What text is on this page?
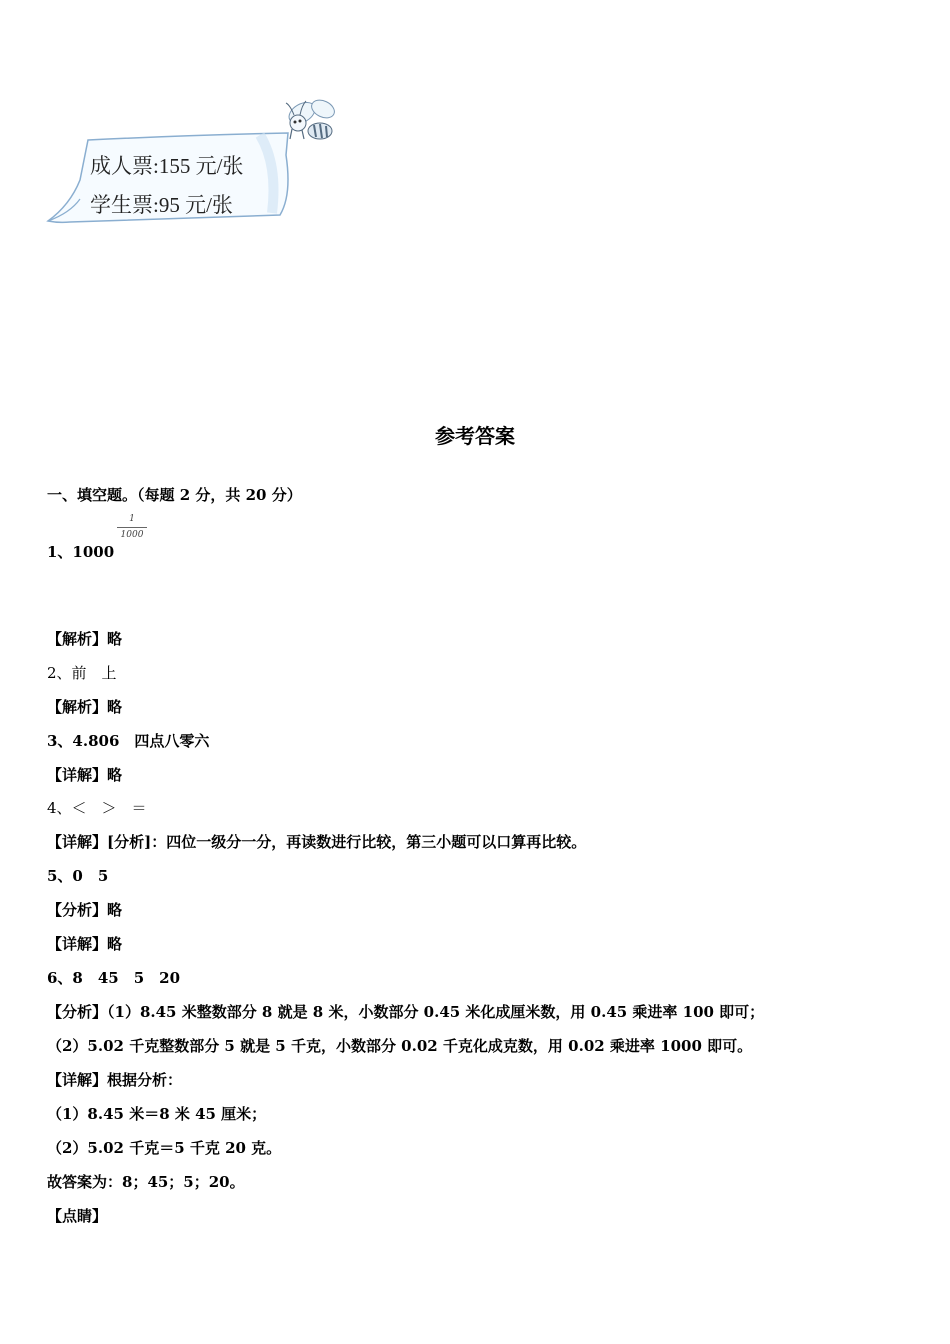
成人票:155 元/张
学生票:95 元/张
参考答案
一、填空题。（每题 2 分，共 20 分）
1、1000
1
1000
【解析】略
2、前　上
【解析】略
3、4.806　四点八零六
【详解】略
4、＜　＞　＝
【详解】[分析]：四位一级分一分，再读数进行比较，第三小题可以口算再比较。
5、0　5
【分析】略
【详解】略
6、8　45　5　20
【分析】（1）8.45 米整数部分 8 就是 8 米，小数部分 0.45 米化成厘米数，用 0.45 乘进率 100 即可；
（2）5.02 千克整数部分 5 就是 5 千克，小数部分 0.02 千克化成克数，用 0.02 乘进率 1000 即可。
【详解】根据分析：
（1）8.45 米＝8 米 45 厘米；
（2）5.02 千克＝5 千克 20 克。
故答案为：8；45；5；20。
【点睛】
